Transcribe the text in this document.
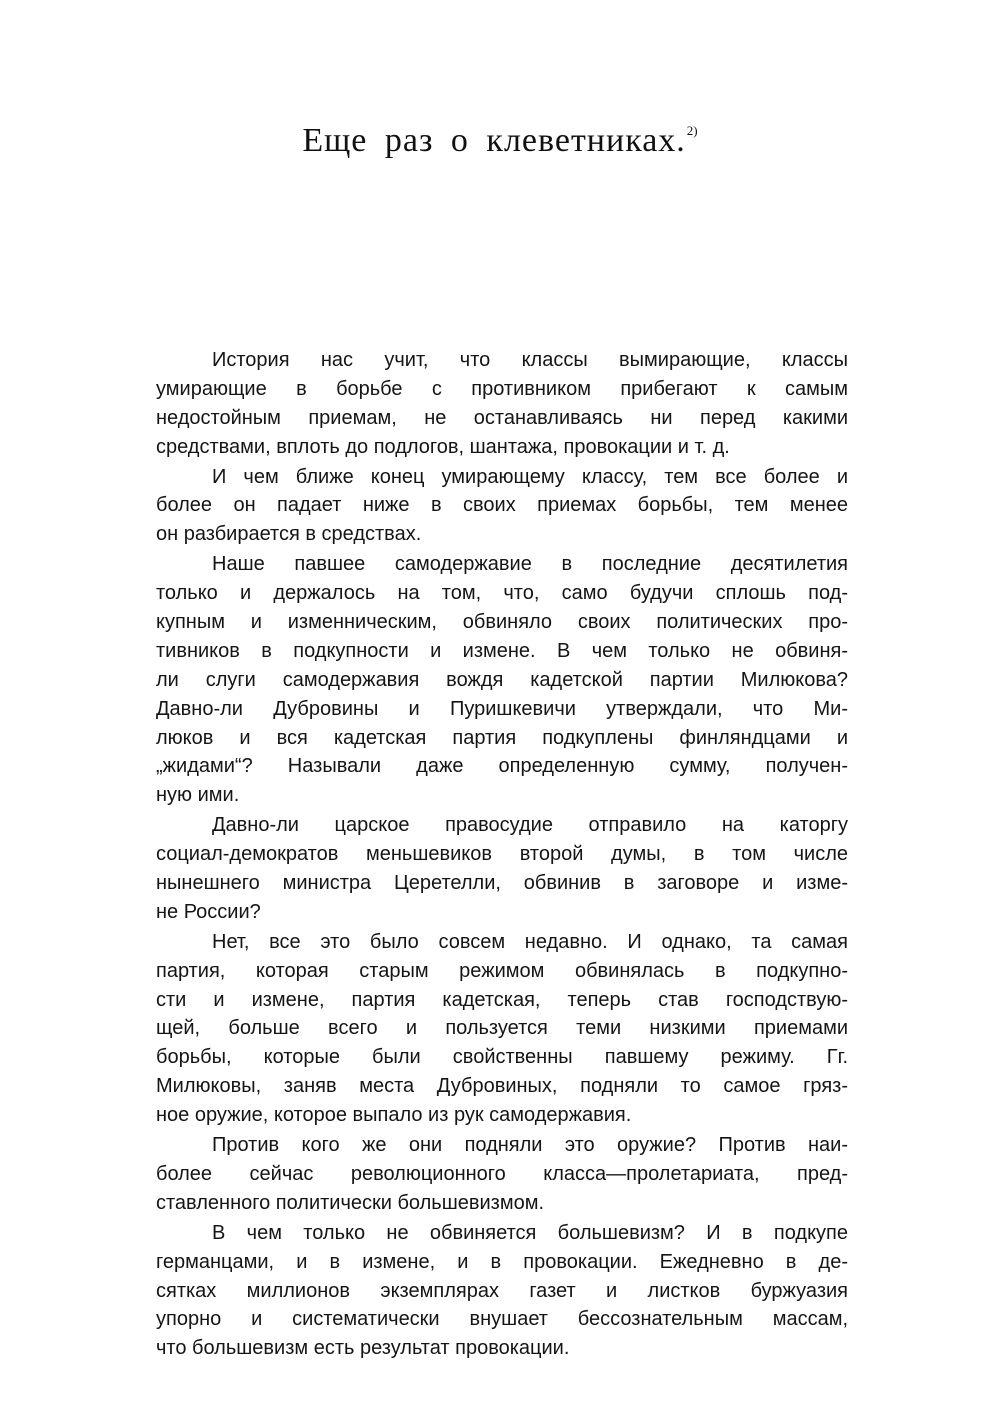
Еще раз о клеветниках.$^{2)}$
История нас учит, что классы вымирающие, классы
умирающие в борьбе с противником прибегают к самым
недостойным приемам, не останавливаясь ни перед какими
средствами, вплоть до подлогов, шантажа, провокации и т. д.
И чем ближе конец умирающему классу, тем все более и
более он падает ниже в своих приемах борьбы, тем менее
он разбирается в средствах.
Наше павшее самодержавие в последние десятилетия
только и держалось на том, что, само будучи сплошь под-
купным и изменническим, обвиняло своих политических про-
тивников в подкупности и измене. В чем только не обвиня-
ли слуги самодержавия вождя кадетской партии Милюкова?
Давно-ли Дубровины и Пуришкевичи утверждали, что Ми-
люков и вся кадетская партия подкуплены финляндцами и
„жидами“? Называли даже определенную сумму, получен-
ную ими.
Давно-ли царское правосудие отправило на каторгу
социал-демократов меньшевиков второй думы, в том числе
нынешнего министра Церетелли, обвинив в заговоре и изме-
не России?
Нет, все это было совсем недавно. И однако, та самая
партия, которая старым режимом обвинялась в подкупно-
сти и измене, партия кадетская, теперь став господствую-
щей, больше всего и пользуется теми низкими приемами
борьбы, которые были свойственны павшему режиму. Гг.
Милюковы, заняв места Дубровиных, подняли то самое гряз-
ное оружие, которое выпало из рук самодержавия.
Против кого же они подняли это оружие? Против наи-
более сейчас революционного класса—пролетариата, пред-
ставленного политически большевизмом.
В чем только не обвиняется большевизм? И в подкупе
германцами, и в измене, и в провокации. Ежедневно в де-
сятках миллионов экземплярах газет и листков буржуазия
упорно и систематически внушает бессознательным массам,
что большевизм есть результат провокации.
